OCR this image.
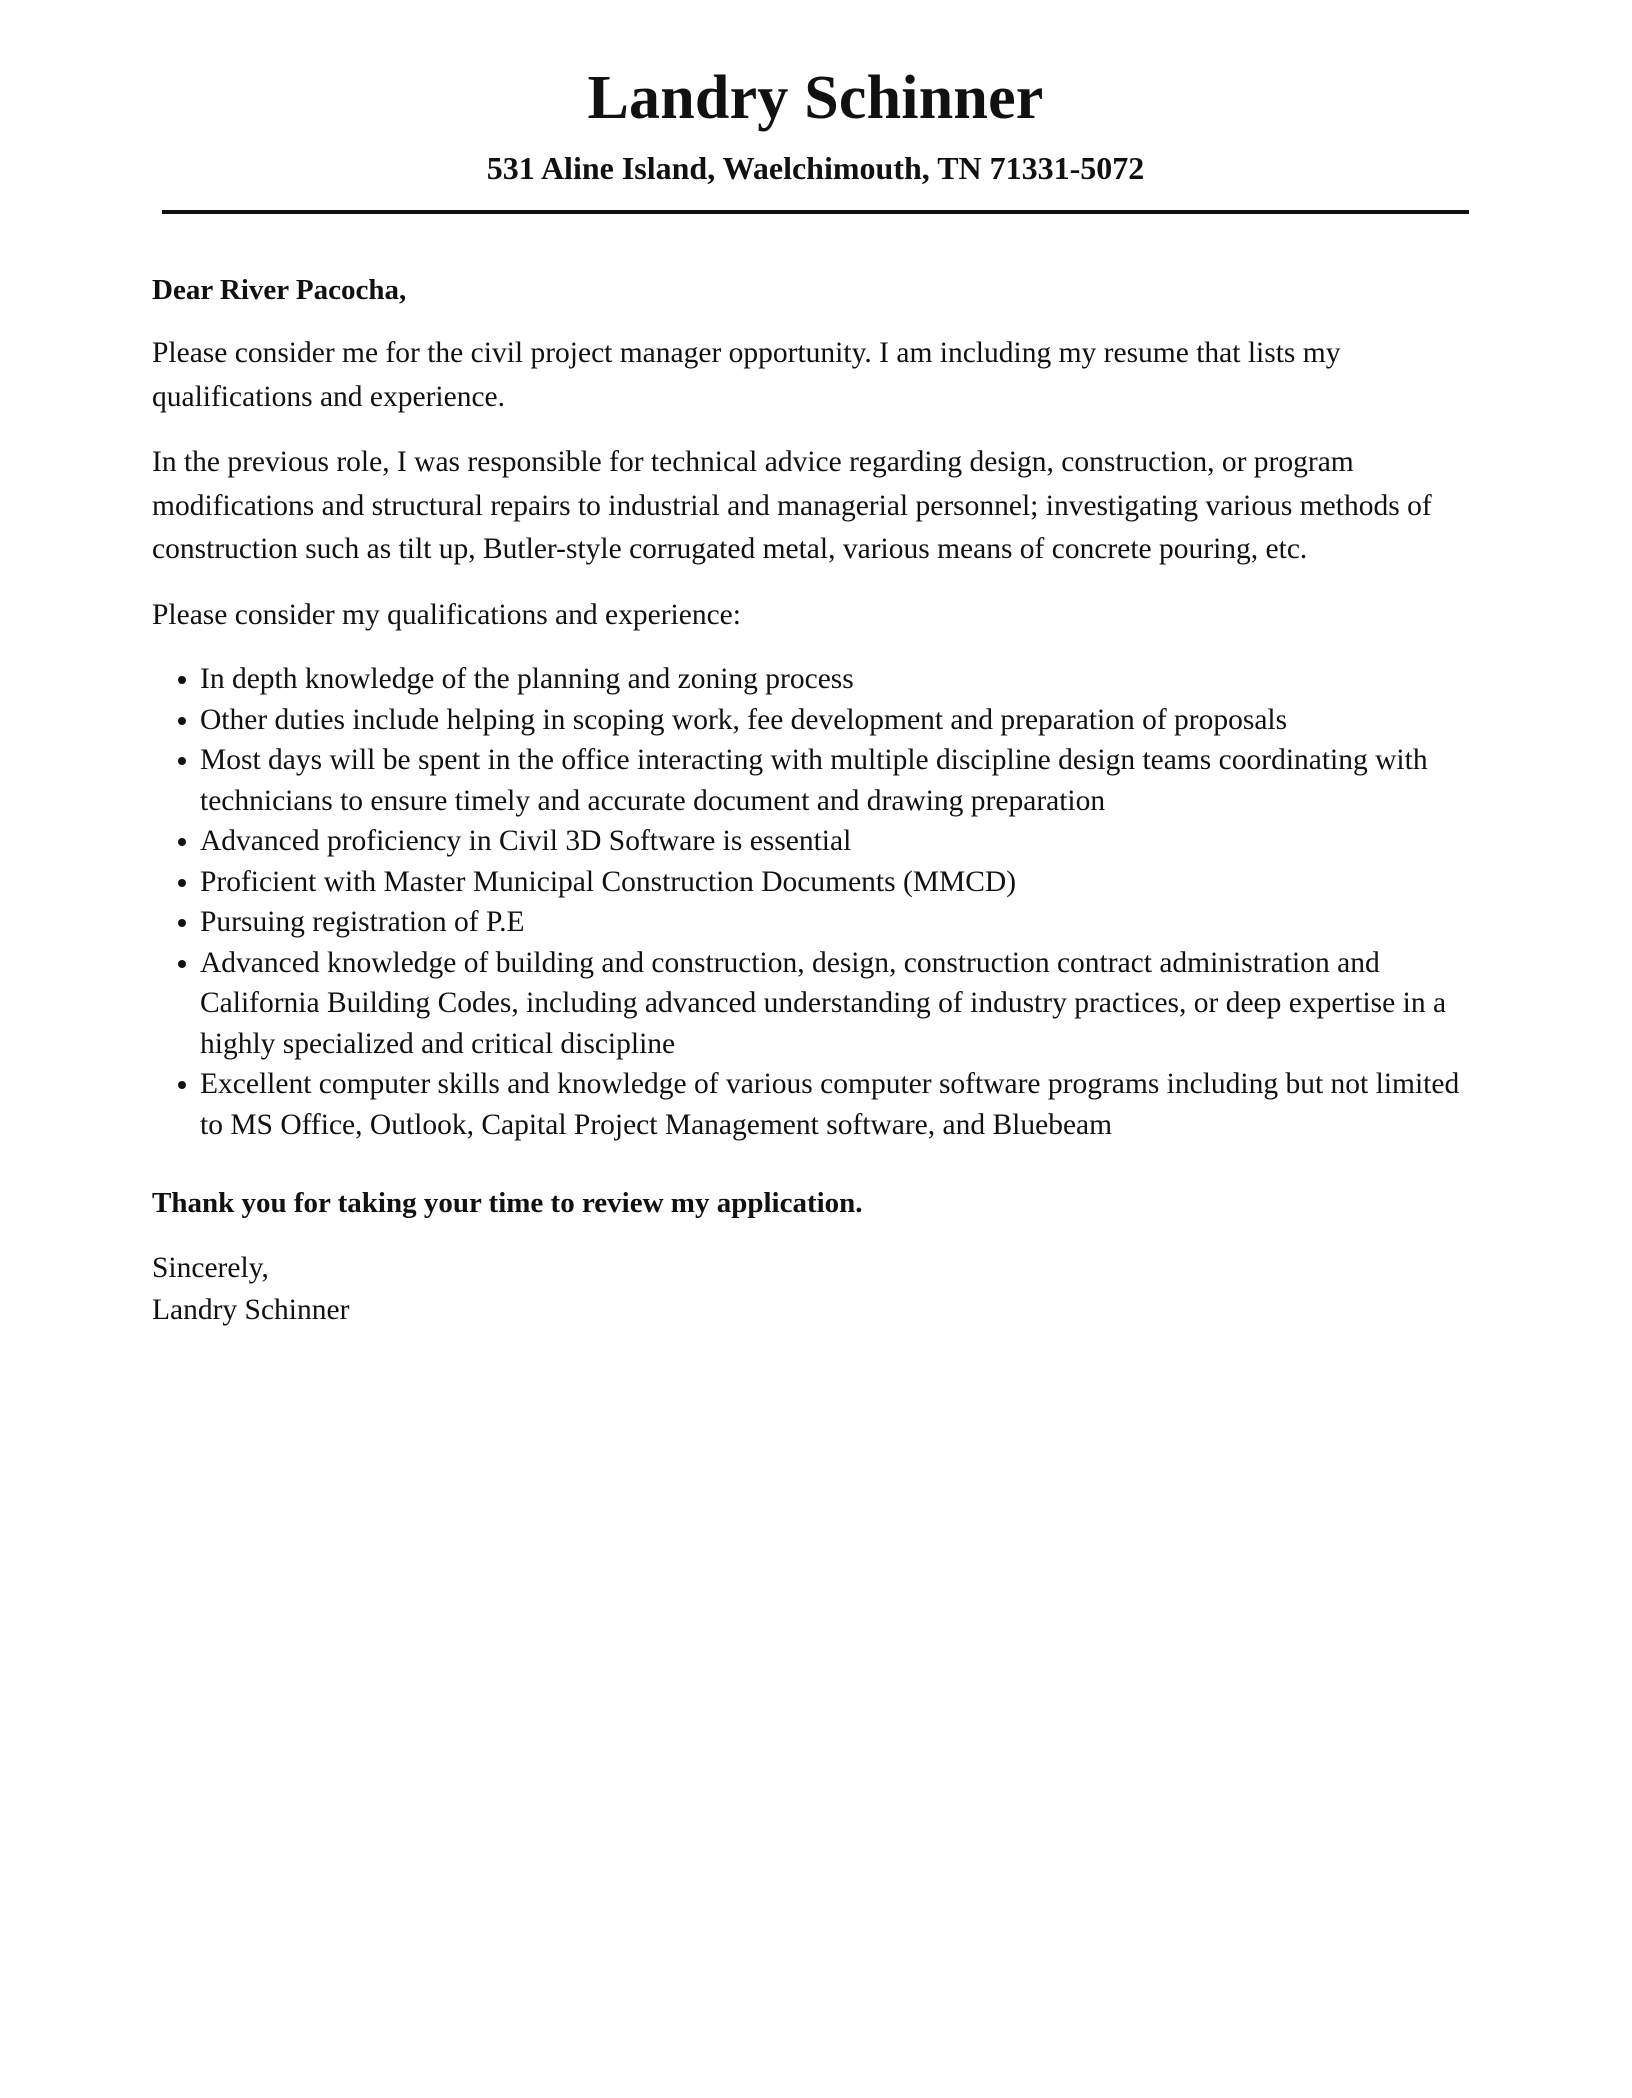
Landry Schinner
531 Aline Island, Waelchimouth, TN 71331-5072

Dear River Pacocha,

Please consider me for the civil project manager opportunity. I am including my resume that lists my qualifications and experience.

In the previous role, I was responsible for technical advice regarding design, construction, or program modifications and structural repairs to industrial and managerial personnel; investigating various methods of construction such as tilt up, Butler-style corrugated metal, various means of concrete pouring, etc.

Please consider my qualifications and experience:

In depth knowledge of the planning and zoning process
Other duties include helping in scoping work, fee development and preparation of proposals
Most days will be spent in the office interacting with multiple discipline design teams coordinating with technicians to ensure timely and accurate document and drawing preparation
Advanced proficiency in Civil 3D Software is essential
Proficient with Master Municipal Construction Documents (MMCD)
Pursuing registration of P.E
Advanced knowledge of building and construction, design, construction contract administration and California Building Codes, including advanced understanding of industry practices, or deep expertise in a highly specialized and critical discipline
Excellent computer skills and knowledge of various computer software programs including but not limited to MS Office, Outlook, Capital Project Management software, and Bluebeam

Thank you for taking your time to review my application.

Sincerely,
Landry Schinner
